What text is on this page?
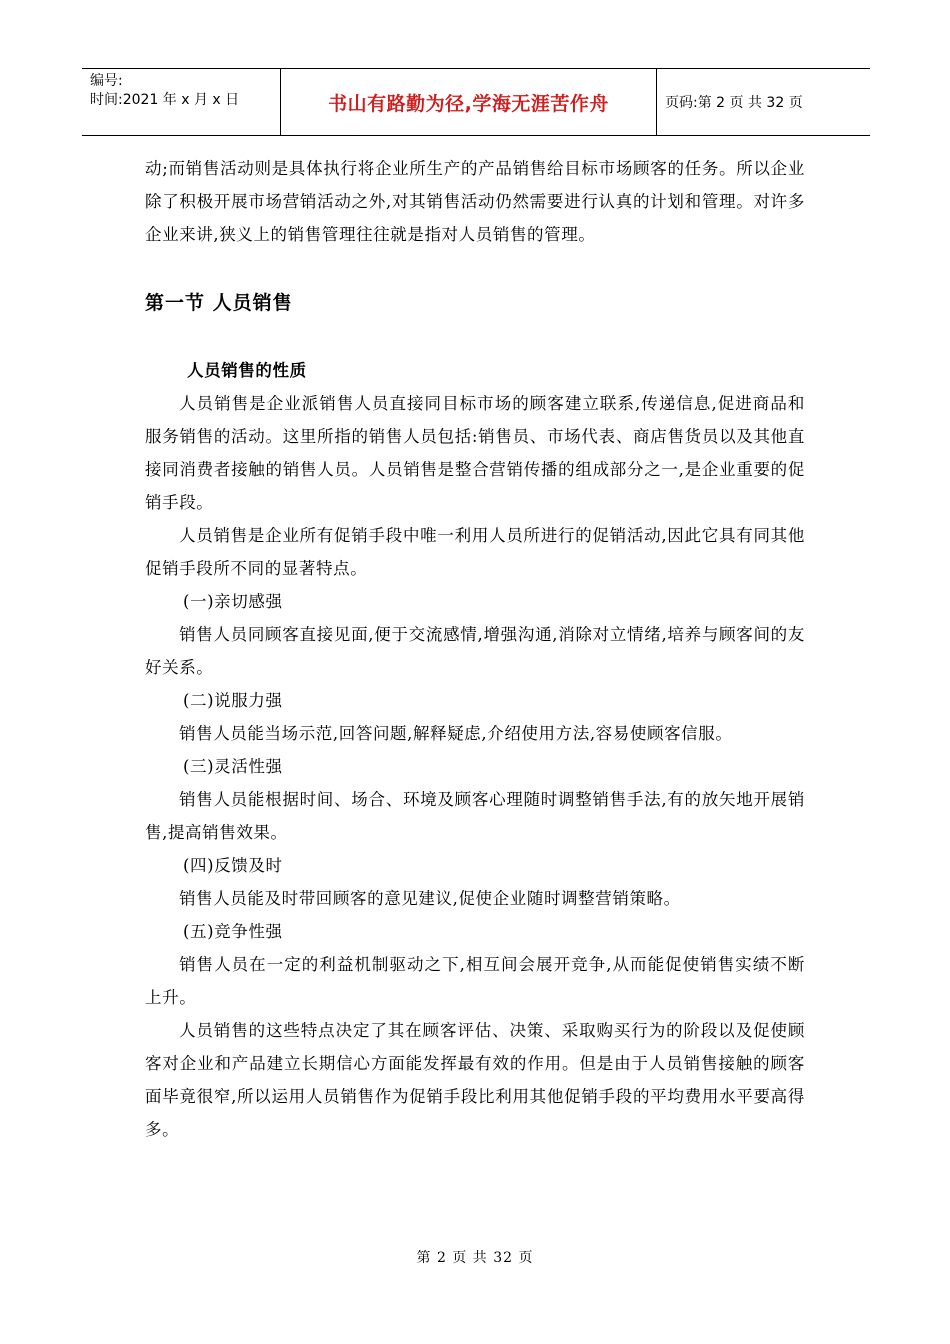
编号:
时间:2021 年 x 月 x 日	书山有路勤为径,学海无涯苦作舟	页码:第 2 页 共 32 页

动;而销售活动则是具体执行将企业所生产的产品销售给目标市场顾客的任务。所以企业除了积极开展市场营销活动之外,对其销售活动仍然需要进行认真的计划和管理。对许多企业来讲,狭义上的销售管理往往就是指对人员销售的管理。

第一节 人员销售

人员销售的性质

人员销售是企业派销售人员直接同目标市场的顾客建立联系,传递信息,促进商品和服务销售的活动。这里所指的销售人员包括:销售员、市场代表、商店售货员以及其他直接同消费者接触的销售人员。人员销售是整合营销传播的组成部分之一,是企业重要的促销手段。

人员销售是企业所有促销手段中唯一利用人员所进行的促销活动,因此它具有同其他促销手段所不同的显著特点。

(一)亲切感强

销售人员同顾客直接见面,便于交流感情,增强沟通,消除对立情绪,培养与顾客间的友好关系。

(二)说服力强

销售人员能当场示范,回答问题,解释疑虑,介绍使用方法,容易使顾客信服。

(三)灵活性强

销售人员能根据时间、场合、环境及顾客心理随时调整销售手法,有的放矢地开展销售,提高销售效果。

(四)反馈及时

销售人员能及时带回顾客的意见建议,促使企业随时调整营销策略。

(五)竞争性强

销售人员在一定的利益机制驱动之下,相互间会展开竞争,从而能促使销售实绩不断上升。

人员销售的这些特点决定了其在顾客评估、决策、采取购买行为的阶段以及促使顾客对企业和产品建立长期信心方面能发挥最有效的作用。但是由于人员销售接触的顾客面毕竟很窄,所以运用人员销售作为促销手段比利用其他促销手段的平均费用水平要高得多。

第 2 页 共 32 页
